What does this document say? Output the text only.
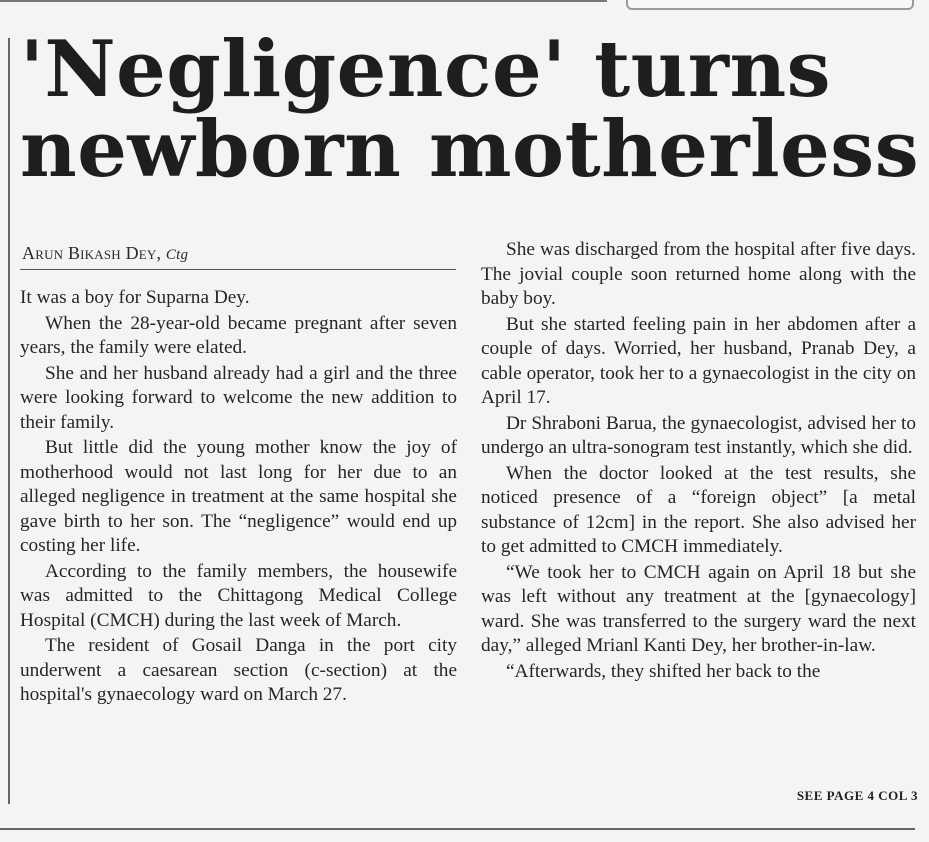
'Negligence' turns
newborn motherless
Arun Bikash Dey, Ctg

It was a boy for Suparna Dey.

When the 28-year-old became pregnant after seven years, the family were elated.

She and her husband already had a girl and the three were looking forward to welcome the new addition to their family.

But little did the young mother know the joy of motherhood would not last long for her due to an alleged negligence in treatment at the same hospital she gave birth to her son. The “negligence” would end up costing her life.

According to the family members, the housewife was admitted to the Chittagong Medical College Hospital (CMCH) during the last week of March.

The resident of Gosail Danga in the port city underwent a caesarean section (c-section) at the hospital's gynaecology ward on March 27.

She was discharged from the hospital after five days. The jovial couple soon returned home along with the baby boy.

But she started feeling pain in her abdomen after a couple of days. Worried, her husband, Pranab Dey, a cable operator, took her to a gynaecologist in the city on April 17.

Dr Shraboni Barua, the gynaecologist, advised her to undergo an ultra-sonogram test instantly, which she did.

When the doctor looked at the test results, she noticed presence of a “foreign object” [a metal substance of 12cm] in the report. She also advised her to get admitted to CMCH immediately.

“We took her to CMCH again on April 18 but she was left without any treatment at the [gynaecology] ward. She was transferred to the surgery ward the next day,” alleged Mrianl Kanti Dey, her brother-in-law.

“Afterwards, they shifted her back to the

SEE PAGE 4 COL 3
